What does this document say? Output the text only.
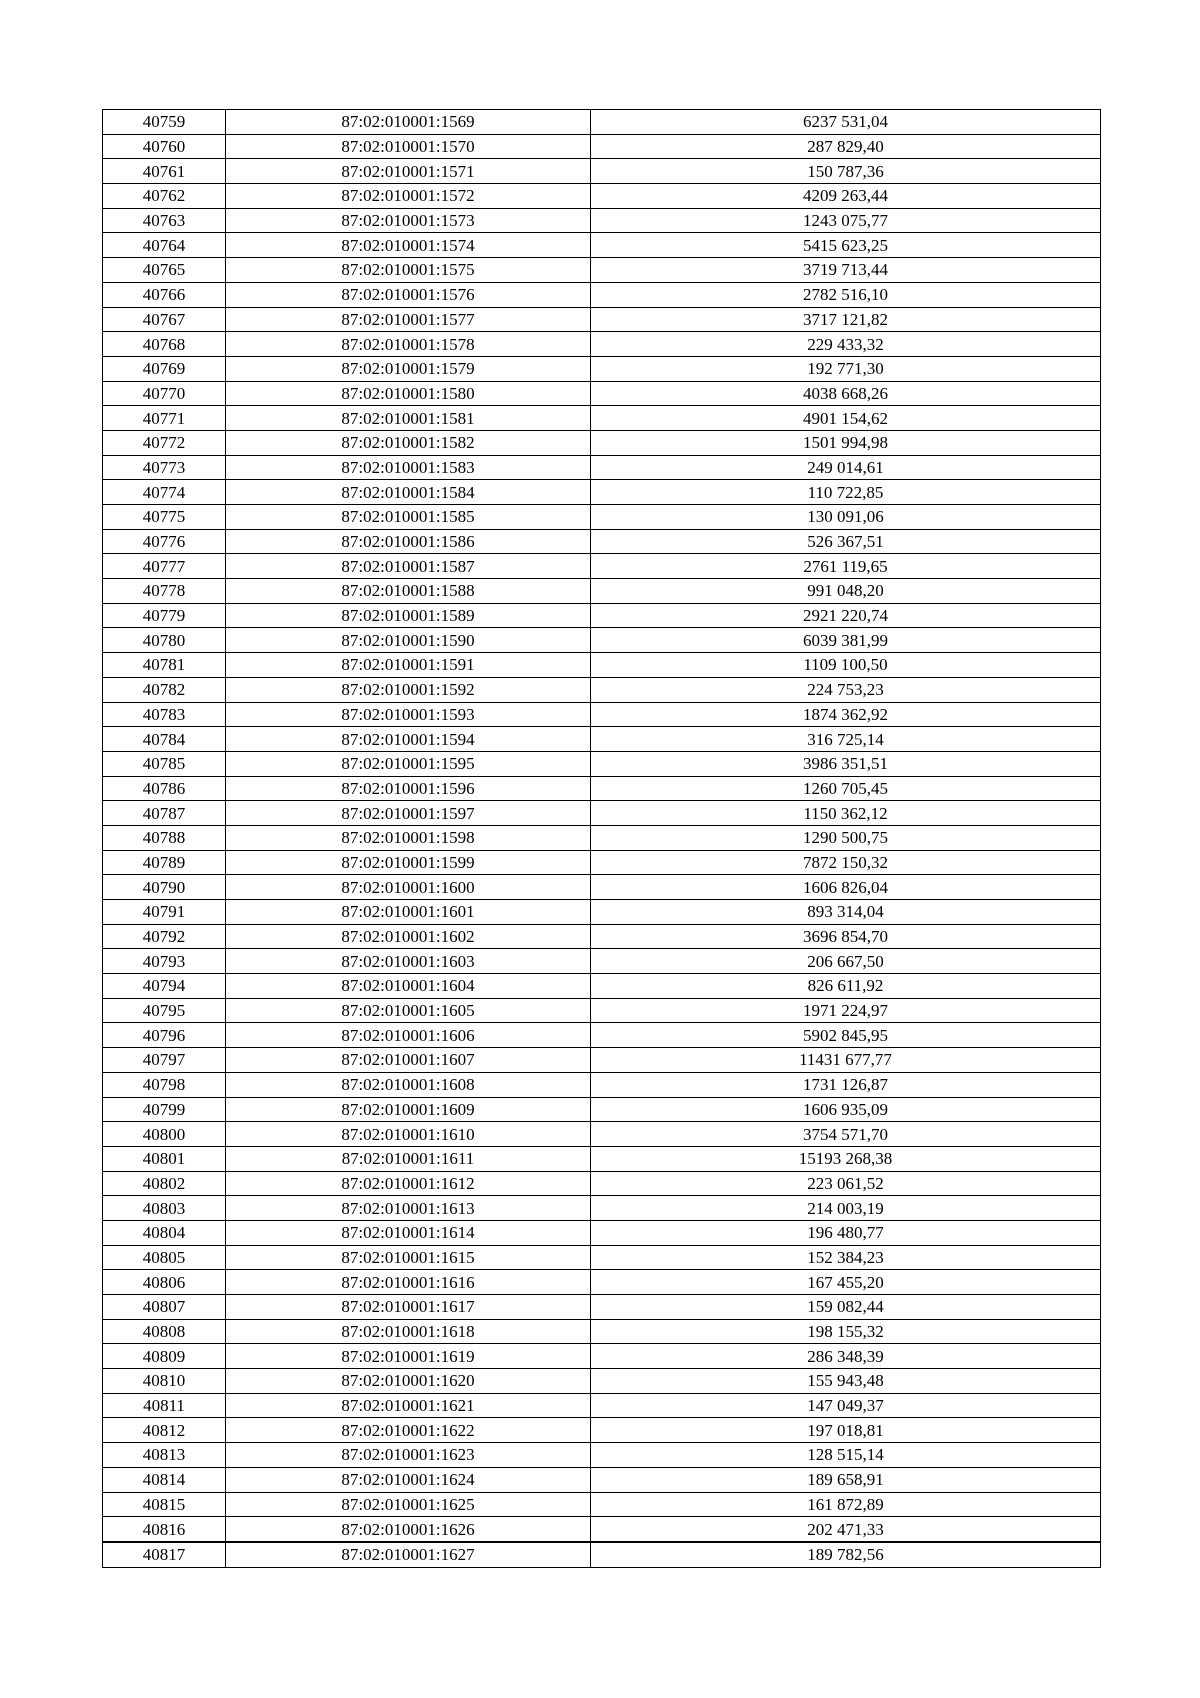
40759	87:02:010001:1569	6237 531,04
40760	87:02:010001:1570	287 829,40
40761	87:02:010001:1571	150 787,36
40762	87:02:010001:1572	4209 263,44
40763	87:02:010001:1573	1243 075,77
40764	87:02:010001:1574	5415 623,25
40765	87:02:010001:1575	3719 713,44
40766	87:02:010001:1576	2782 516,10
40767	87:02:010001:1577	3717 121,82
40768	87:02:010001:1578	229 433,32
40769	87:02:010001:1579	192 771,30
40770	87:02:010001:1580	4038 668,26
40771	87:02:010001:1581	4901 154,62
40772	87:02:010001:1582	1501 994,98
40773	87:02:010001:1583	249 014,61
40774	87:02:010001:1584	110 722,85
40775	87:02:010001:1585	130 091,06
40776	87:02:010001:1586	526 367,51
40777	87:02:010001:1587	2761 119,65
40778	87:02:010001:1588	991 048,20
40779	87:02:010001:1589	2921 220,74
40780	87:02:010001:1590	6039 381,99
40781	87:02:010001:1591	1109 100,50
40782	87:02:010001:1592	224 753,23
40783	87:02:010001:1593	1874 362,92
40784	87:02:010001:1594	316 725,14
40785	87:02:010001:1595	3986 351,51
40786	87:02:010001:1596	1260 705,45
40787	87:02:010001:1597	1150 362,12
40788	87:02:010001:1598	1290 500,75
40789	87:02:010001:1599	7872 150,32
40790	87:02:010001:1600	1606 826,04
40791	87:02:010001:1601	893 314,04
40792	87:02:010001:1602	3696 854,70
40793	87:02:010001:1603	206 667,50
40794	87:02:010001:1604	826 611,92
40795	87:02:010001:1605	1971 224,97
40796	87:02:010001:1606	5902 845,95
40797	87:02:010001:1607	11431 677,77
40798	87:02:010001:1608	1731 126,87
40799	87:02:010001:1609	1606 935,09
40800	87:02:010001:1610	3754 571,70
40801	87:02:010001:1611	15193 268,38
40802	87:02:010001:1612	223 061,52
40803	87:02:010001:1613	214 003,19
40804	87:02:010001:1614	196 480,77
40805	87:02:010001:1615	152 384,23
40806	87:02:010001:1616	167 455,20
40807	87:02:010001:1617	159 082,44
40808	87:02:010001:1618	198 155,32
40809	87:02:010001:1619	286 348,39
40810	87:02:010001:1620	155 943,48
40811	87:02:010001:1621	147 049,37
40812	87:02:010001:1622	197 018,81
40813	87:02:010001:1623	128 515,14
40814	87:02:010001:1624	189 658,91
40815	87:02:010001:1625	161 872,89
40816	87:02:010001:1626	202 471,33
40817	87:02:010001:1627	189 782,56
